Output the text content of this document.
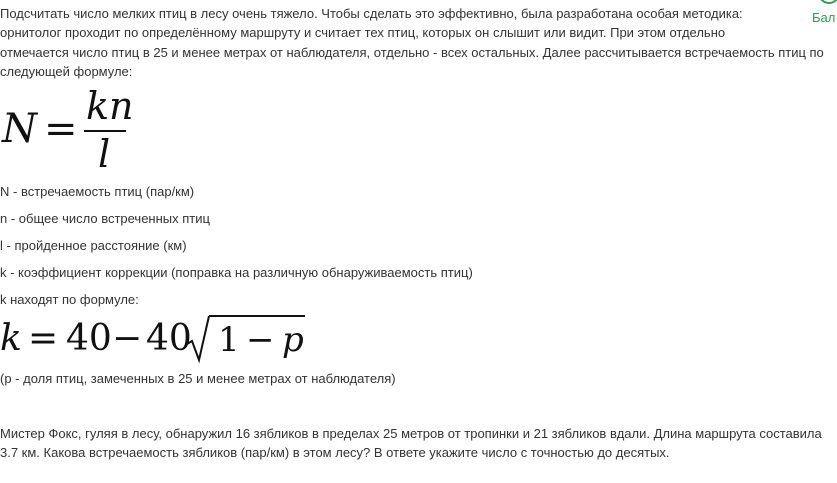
Бал
Подсчитать число мелких птиц в лесу очень тяжело. Чтобы сделать это эффективно, была разработана особая методика:
орнитолог проходит по определённому маршруту и считает тех птиц, которых он слышит или видит. При этом отдельно
отмечается число птиц в 25 и менее метрах от наблюдателя, отдельно - всех остальных. Далее рассчитывается встречаемость птиц по
следующей формуле:
N = kn
l
N - встречаемость птиц (пар/км)
n - общее число встреченных птиц
l - пройденное расстояние (км)
k - коэффициент коррекции (поправка на различную обнаруживаемость птиц)
k находят по формуле:
k = 40 − 40 1 − p
(p - доля птиц, замеченных в 25 и менее метрах от наблюдателя)
Мистер Фокс, гуляя в лесу, обнаружил 16 зябликов в пределах 25 метров от тропинки и 21 зябликов вдали. Длина маршрута составила
3.7 км. Какова встречаемость зябликов (пар/км) в этом лесу? В ответе укажите число с точностью до десятых.
